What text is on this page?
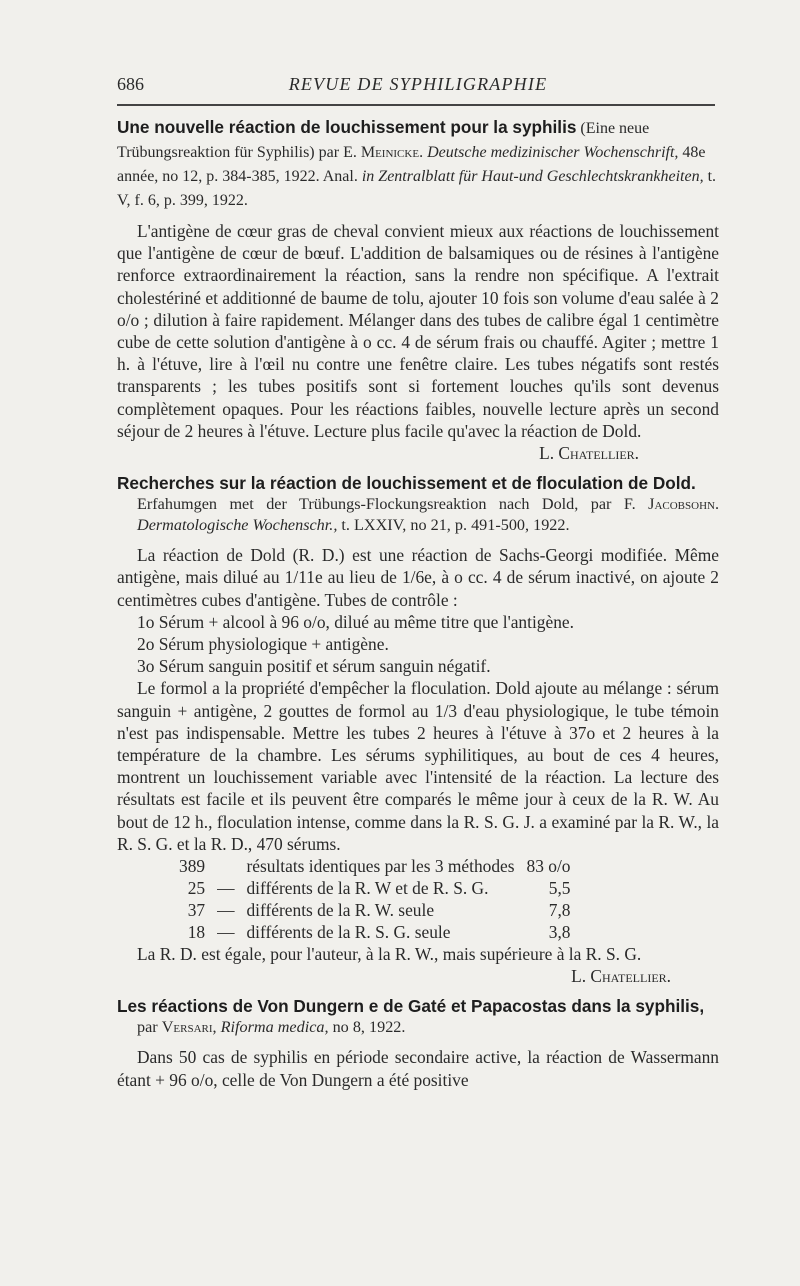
686	REVUE DE SYPHILIGRAPHIE

Une nouvelle réaction de louchissement pour la syphilis (Eine neue Trübungsreaktion für Syphilis) par E. Meinicke. Deutsche medizinischer Wochenschrift, 48e année, no 12, p. 384-385, 1922. Anal. in Zentralblatt für Haut-und Geschlechtskrankheiten, t. V, f. 6, p. 399, 1922.

L'antigène de cœur gras de cheval convient mieux aux réactions de louchissement que l'antigène de cœur de bœuf. L'addition de balsamiques ou de résines à l'antigène renforce extraordinairement la réaction, sans la rendre non spécifique. A l'extrait cholestériné et additionné de baume de tolu, ajouter 10 fois son volume d'eau salée à 2 o/o ; dilution à faire rapidement. Mélanger dans des tubes de calibre égal 1 centimètre cube de cette solution d'antigène à o cc. 4 de sérum frais ou chauffé. Agiter ; mettre 1 h. à l'étuve, lire à l'œil nu contre une fenêtre claire. Les tubes négatifs sont restés transparents ; les tubes positifs sont si fortement louches qu'ils sont devenus complètement opaques. Pour les réactions faibles, nouvelle lecture après un second séjour de 2 heures à l'étuve. Lecture plus facile qu'avec la réaction de Dold.
L. Chatellier.

Recherches sur la réaction de louchissement et de floculation de Dold.

Erfahumgen met der Trübungs-Flockungsreaktion nach Dold, par F. Jacobsohn. Dermatologische Wochenschr., t. LXXIV, no 21, p. 491-500, 1922.

La réaction de Dold (R. D.) est une réaction de Sachs-Georgi modifiée. Même antigène, mais dilué au 1/11e au lieu de 1/6e, à o cc. 4 de sérum inactivé, on ajoute 2 centimètres cubes d'antigène. Tubes de contrôle :

1o Sérum + alcool à 96 o/o, dilué au même titre que l'antigène.
2o Sérum physiologique + antigène.
3o Sérum sanguin positif et sérum sanguin négatif.

Le formol a la propriété d'empêcher la floculation. Dold ajoute au mélange : sérum sanguin + antigène, 2 gouttes de formol au 1/3 d'eau physiologique, le tube témoin n'est pas indispensable. Mettre les tubes 2 heures à l'étuve à 37o et 2 heures à la température de la chambre. Les sérums syphilitiques, au bout de ces 4 heures, montrent un louchissement variable avec l'intensité de la réaction. La lecture des résultats est facile et ils peuvent être comparés le même jour à ceux de la R. W. Au bout de 12 h., floculation intense, comme dans la R. S. G. J. a examiné par la R. W., la R. S. G. et la R. D., 470 sérums.

389		résultats identiques par les 3 méthodes	83 o/o
25	—	différents de la R. W et de R. S. G.	5,5
37	—	différents de la R. W. seule	7,8
18	—	différents de la R. S. G. seule	3,8

La R. D. est égale, pour l'auteur, à la R. W., mais supérieure à la R. S. G.
L. Chatellier.

Les réactions de Von Dungern e de Gaté et Papacostas dans la syphilis,

par Versari, Riforma medica, no 8, 1922.

Dans 50 cas de syphilis en période secondaire active, la réaction de Wassermann étant + 96 o/o, celle de Von Dungern a été positive
